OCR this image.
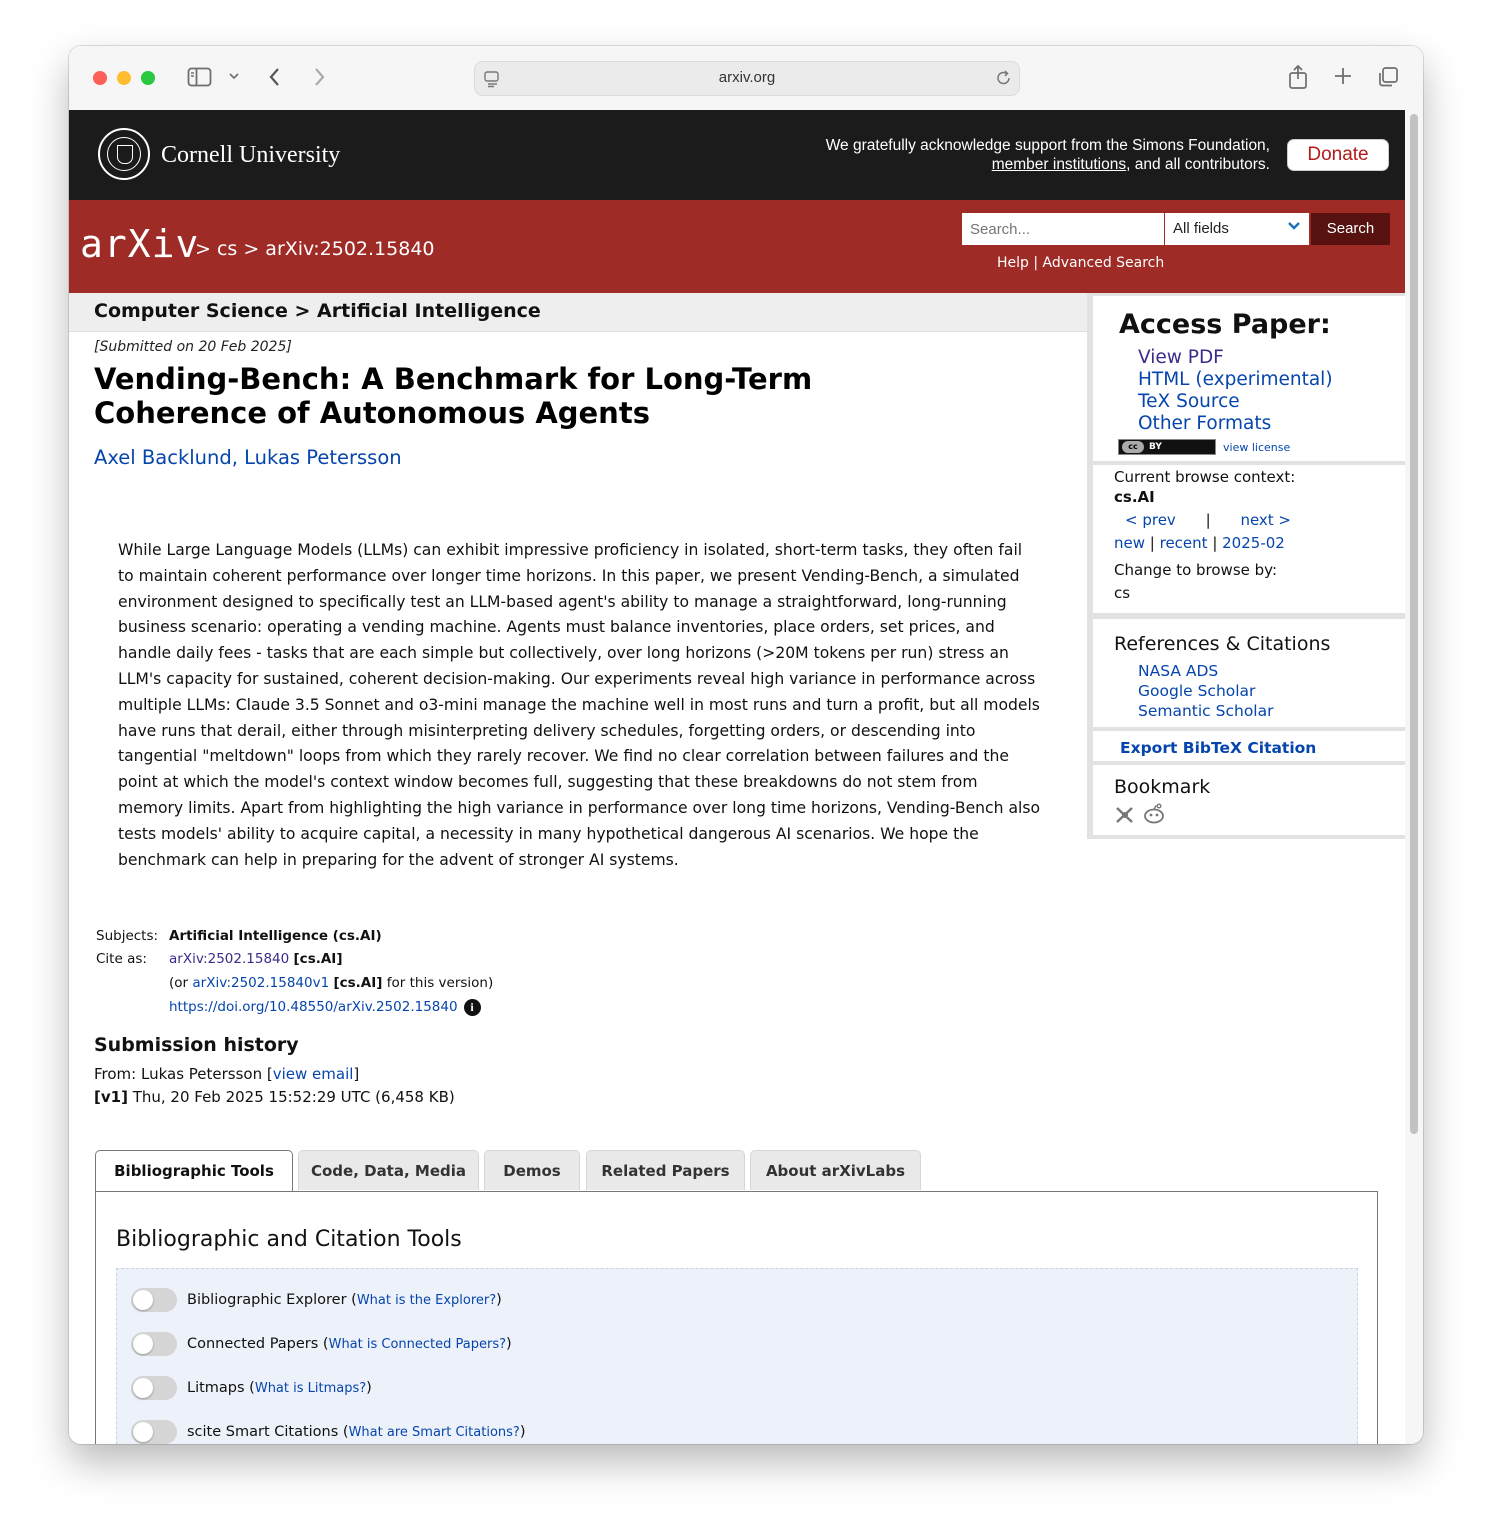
arxiv.org
Cornell University	We gratefully acknowledge support from the Simons Foundation,
member institutions, and all contributors.	Donate
arXiv
> cs > arXiv:2502.15840
Search...
All fields	Search
Help | Advanced Search
Computer Science > Artificial Intelligence
[Submitted on 20 Feb 2025]
Vending-Bench: A Benchmark for Long-Term Coherence of Autonomous Agents
Axel Backlund, Lukas Petersson
While Large Language Models (LLMs) can exhibit impressive proficiency in isolated, short-term tasks, they often fail to maintain coherent performance over longer time horizons. In this paper, we present Vending-Bench, a simulated environment designed to specifically test an LLM-based agent's ability to manage a straightforward, long-running business scenario: operating a vending machine. Agents must balance inventories, place orders, set prices, and handle daily fees - tasks that are each simple but collectively, over long horizons (>20M tokens per run) stress an LLM's capacity for sustained, coherent decision-making. Our experiments reveal high variance in performance across multiple LLMs: Claude 3.5 Sonnet and o3-mini manage the machine well in most runs and turn a profit, but all models have runs that derail, either through misinterpreting delivery schedules, forgetting orders, or descending into tangential "meltdown" loops from which they rarely recover. We find no clear correlation between failures and the point at which the model's context window becomes full, suggesting that these breakdowns do not stem from memory limits. Apart from highlighting the high variance in performance over long time horizons, Vending-Bench also tests models' ability to acquire capital, a necessity in many hypothetical dangerous AI scenarios. We hope the benchmark can help in preparing for the advent of stronger AI systems.
Subjects: Artificial Intelligence (cs.AI)
Cite as: arXiv:2502.15840 [cs.AI]
(or arXiv:2502.15840v1 [cs.AI] for this version)
https://doi.org/10.48550/arXiv.2502.15840 i
Submission history
From: Lukas Petersson [view email]
[v1] Thu, 20 Feb 2025 15:52:29 UTC (6,458 KB)
Access Paper:
View PDF
HTML (experimental)
TeX Source
Other Formats
cc	BY	view license
Current browse context:
cs.AI
< prev | next >
new | recent | 2025-02
Change to browse by:
cs
References & Citations
NASA ADS
Google Scholar
Semantic Scholar
Export BibTeX Citation
Bookmark

Bibliographic Tools	Code, Data, Media	Demos	Related Papers	About arXivLabs
Bibliographic and Citation Tools
Bibliographic Explorer (What is the Explorer?)
Connected Papers (What is Connected Papers?)
Litmaps (What is Litmaps?)
scite Smart Citations (What are Smart Citations?)
